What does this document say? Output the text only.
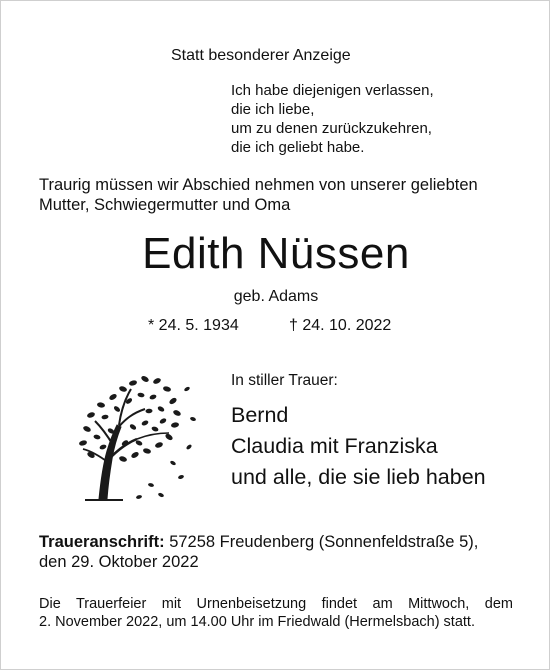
Statt besonderer Anzeige
Ich habe diejenigen verlassen,
die ich liebe,
um zu denen zurückzukehren,
die ich geliebt habe.
Traurig müssen wir Abschied nehmen von unserer geliebten
Mutter, Schwiegermutter und Oma
Edith Nüssen
geb. Adams
* 24. 5. 1934	† 24. 10. 2022
In stiller Trauer:
Bernd
Claudia mit Franziska
und alle, die sie lieb haben
Traueranschrift: 57258 Freudenberg (Sonnenfeldstraße 5),
den 29. Oktober 2022
Die Trauerfeier mit Urnenbeisetzung findet am Mittwoch, dem
2. November 2022, um 14.00 Uhr im Friedwald (Hermelsbach) statt.
